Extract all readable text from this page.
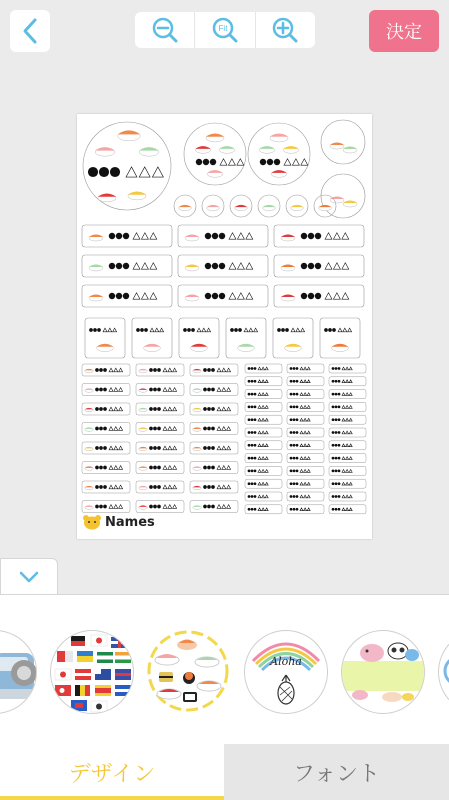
Fit	決定
Names
Aloha
デザイン	フォント
